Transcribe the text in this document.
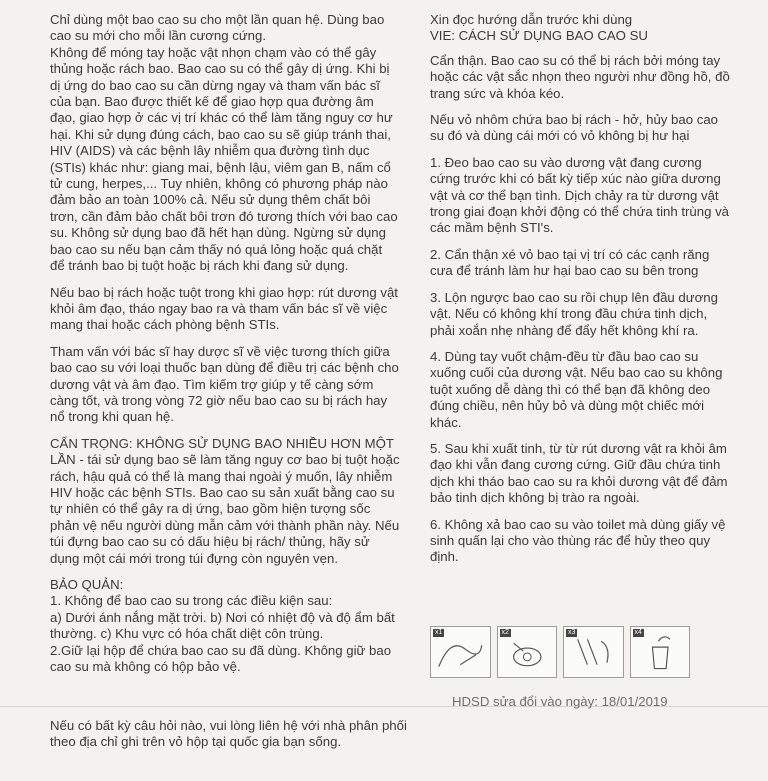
Chỉ dùng một bao cao su cho một lần quan hệ. Dùng bao cao su mới cho mỗi lần cương cứng.
Không để móng tay hoặc vật nhọn chạm vào có thể gây thủng hoặc rách bao. Bao cao su có thể gây dị ứng. Khi bị dị ứng do bao cao su cần dừng ngay và tham vấn bác sĩ của bạn. Bao được thiết kế để giao hợp qua đường âm đạo, giao hợp ở các vị trí khác có thể làm tăng nguy cơ hư hại. Khi sử dụng đúng cách, bao cao su sẽ giúp tránh thai, HIV (AIDS) và các bệnh lây nhiễm qua đường tình dục (STIs) khác như: giang mai, bệnh lậu, viêm gan B, nấm cổ tử cung, herpes,... Tuy nhiên, không có phương pháp nào đảm bảo an toàn 100% cả. Nếu sử dụng thêm chất bôi trơn, cần đảm bảo chất bôi trơn đó tương thích với bao cao su. Không sử dụng bao đã hết hạn dùng. Ngừng sử dụng bao cao su nếu bạn cảm thấy nó quá lỏng hoặc quá chặt để tránh bao bị tuột hoặc bị rách khi đang sử dụng.

Nếu bao bị rách hoặc tuột trong khi giao hợp: rút dương vật khỏi âm đạo, tháo ngay bao ra và tham vấn bác sĩ về việc mang thai hoặc cách phòng bệnh STIs.

Tham vấn với bác sĩ hay dược sĩ về việc tương thích giữa bao cao su với loại thuốc bạn dùng để điều trị các bệnh cho dương vật và âm đạo. Tìm kiếm trợ giúp y tế càng sớm càng tốt, và trong vòng 72 giờ nếu bao cao su bị rách hay nổ trong khi quan hệ.

CẨN TRỌNG: KHÔNG SỬ DỤNG BAO NHIỀU HƠN MỘT LẦN - tái sử dụng bao sẽ làm tăng nguy cơ bao bị tuột hoặc rách, hậu quả có thể là mang thai ngoài ý muốn, lây nhiễm HIV hoặc các bệnh STIs. Bao cao su sản xuất bằng cao su tự nhiên có thể gây ra dị ứng, bao gồm hiện tượng sốc phản vệ nếu người dùng mẫn cảm với thành phần này. Nếu túi đựng bao cao su có dấu hiệu bị rách/ thủng, hãy sử dụng một cái mới trong túi đựng còn nguyên vẹn.

BẢO QUẢN:

1. Không để bao cao su trong các điều kiện sau:
a) Dưới ánh nắng mặt trời. b) Nơi có nhiệt độ và độ ẩm bất thường. c) Khu vực có hóa chất diệt côn trùng.
2.Giữ lại hộp để chứa bao cao su đã dùng. Không giữ bao cao su mà không có hộp bảo vệ.

Nếu có bất kỳ câu hỏi nào, vui lòng liên hệ với nhà phân phối theo địa chỉ ghi trên vỏ hộp tại quốc gia bạn sống.

Xin đọc hướng dẫn trước khi dùng

VIE: CÁCH SỬ DỤNG BAO CAO SU

Cẩn thận. Bao cao su có thể bị rách bởi móng tay hoặc các vật sắc nhọn theo người như đồng hồ, đồ trang sức và khóa kéo.

Nếu vỏ nhôm chứa bao bị rách - hở, hủy bao cao su đó và dùng cái mới có vỏ không bị hư hại

1. Đeo bao cao su vào dương vật đang cương cứng trước khi có bất kỳ tiếp xúc nào giữa dương vật và cơ thể bạn tình. Dịch chảy ra từ dương vật trong giai đoạn khởi động có thể chứa tinh trùng và các mầm bệnh STI's.

2. Cẩn thận xé vỏ bao tại vị trí có các cạnh răng cưa để tránh làm hư hại bao cao su bên trong

3. Lộn ngược bao cao su rồi chụp lên đầu dương vật. Nếu có không khí trong đầu chứa tinh dịch, phải xoắn nhẹ nhàng để đẩy hết không khí ra.

4. Dùng tay vuốt chậm-đều từ đầu bao cao su xuống cuối của dương vật. Nếu bao cao su không tuột xuống dễ dàng thì có thể bạn đã không deo đúng chiều, nên hủy bỏ và dùng một chiếc mới khác.

5. Sau khi xuất tinh, từ từ rút dương vật ra khỏi âm đạo khi vẫn đang cương cứng. Giữ đầu chứa tinh dịch khi tháo bao cao su ra khỏi dương vật để đảm bảo tinh dịch không bị trào ra ngoài.

6. Không xả bao cao su vào toilet mà dùng giấy vệ sinh quấn lại cho vào thùng rác để hủy theo quy định.

x1	x2	x3	x4
HDSD sửa đổi vào ngày: 18/01/2019
